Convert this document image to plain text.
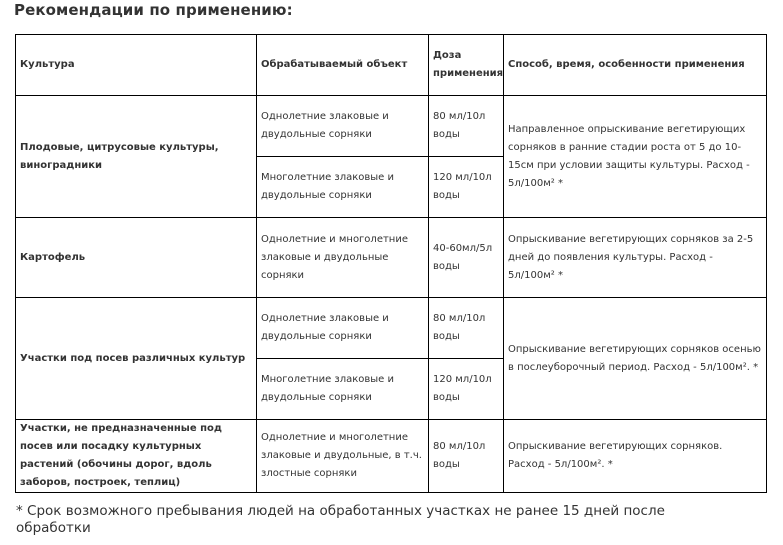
Рекомендации по применению:
Культура	Обрабатываемый объект	Доза применения	Способ, время, особенности применения
Плодовые, цитрусовые культуры, виноградники	Однолетние злаковые и двудольные сорняки	80 мл/10л воды	Направленное опрыскивание вегетирующих сорняков в ранние стадии роста от 5 до 10-15см при условии защиты культуры. Расход - 5л/100м² *
	Многолетние злаковые и двудольные сорняки	120 мл/10л воды	
Картофель	Однолетние и многолетние злаковые и двудольные сорняки	40-60мл/5л воды	Опрыскивание вегетирующих сорняков за 2-5 дней до появления культуры. Расход - 5л/100м² *
Участки под посев различных культур	Однолетние злаковые и двудольные сорняки	80 мл/10л воды	Опрыскивание вегетирующих сорняков осенью в послеуборочный период. Расход - 5л/100м². *
	Многолетние злаковые и двудольные сорняки	120 мл/10л воды	
Участки, не предназначенные под посев или посадку культурных растений (обочины дорог, вдоль заборов, построек, теплиц)	Однолетние и многолетние злаковые и двудольные, в т.ч. злостные сорняки	80 мл/10л воды	Опрыскивание вегетирующих сорняков. Расход - 5л/100м². *
* Срок возможного пребывания людей на обработанных участках не ранее 15 дней после обработки
